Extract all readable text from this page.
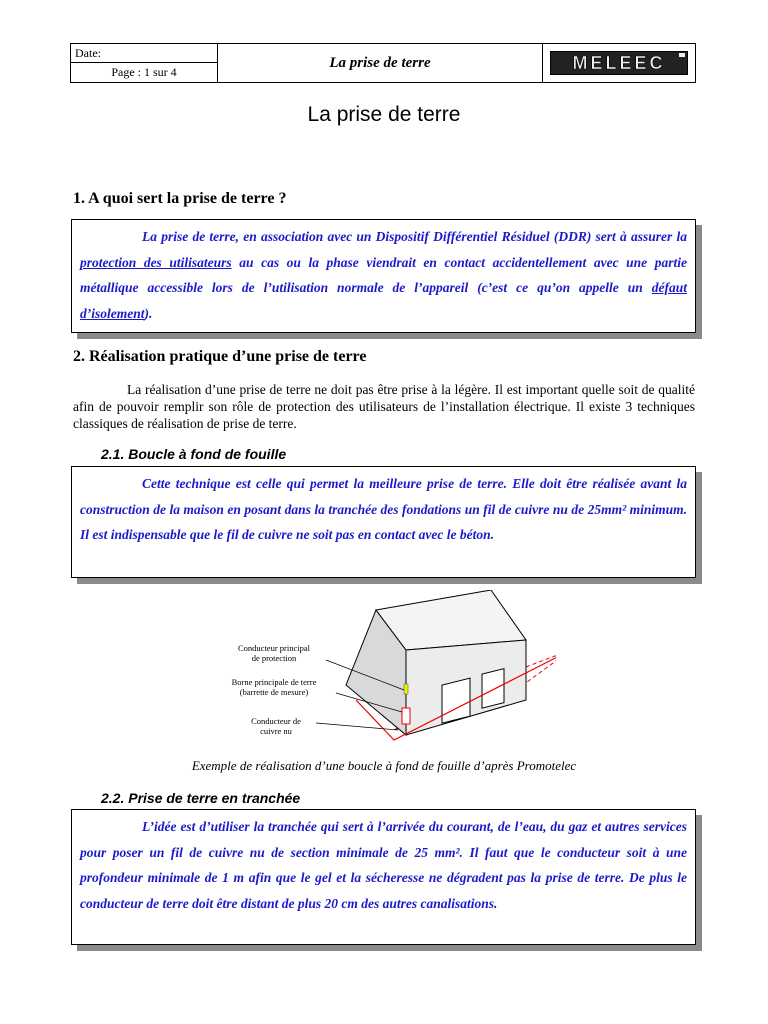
Date:
Page : 1 sur 4
La prise de terre	MELEEC
La prise de terre
1. A quoi sert la prise de terre ?

La prise de terre, en association avec un Dispositif Différentiel Résiduel (DDR) sert à assurer la protection des utilisateurs au cas ou la phase viendrait en contact accidentellement avec une partie métallique accessible lors de l’utilisation normale de l’appareil (c’est ce qu’on appelle un défaut d’isolement).

2. Réalisation pratique d’une prise de terre
La réalisation d’une prise de terre ne doit pas être prise à la légère. Il est important quelle soit de qualité afin de pouvoir remplir son rôle de protection des utilisateurs de l’installation électrique. Il existe 3 techniques classiques de réalisation de prise de terre.
2.1. Boucle à fond de fouille

Cette technique est celle qui permet la meilleure prise de terre. Elle doit être réalisée avant la construction de la maison en posant dans la tranchée des fondations un fil de cuivre nu de 25mm² minimum. Il est indispensable que le fil de cuivre ne soit pas en contact avec le béton.

Conducteur principal
de protection
Borne principale de terre
(barrette de mesure)
Conducteur de
cuivre nu
Exemple de réalisation d’une boucle à fond de fouille d’après Promotelec
2.2. Prise de terre en tranchée

L’idée est d’utiliser la tranchée qui sert à l’arrivée du courant, de l’eau, du gaz et autres services pour poser un fil de cuivre nu de section minimale de 25 mm². Il faut que le conducteur soit à une profondeur minimale de 1 m afin que le gel et la sécheresse ne dégradent pas la prise de terre. De plus le conducteur de terre doit être distant de plus 20 cm des autres canalisations.
